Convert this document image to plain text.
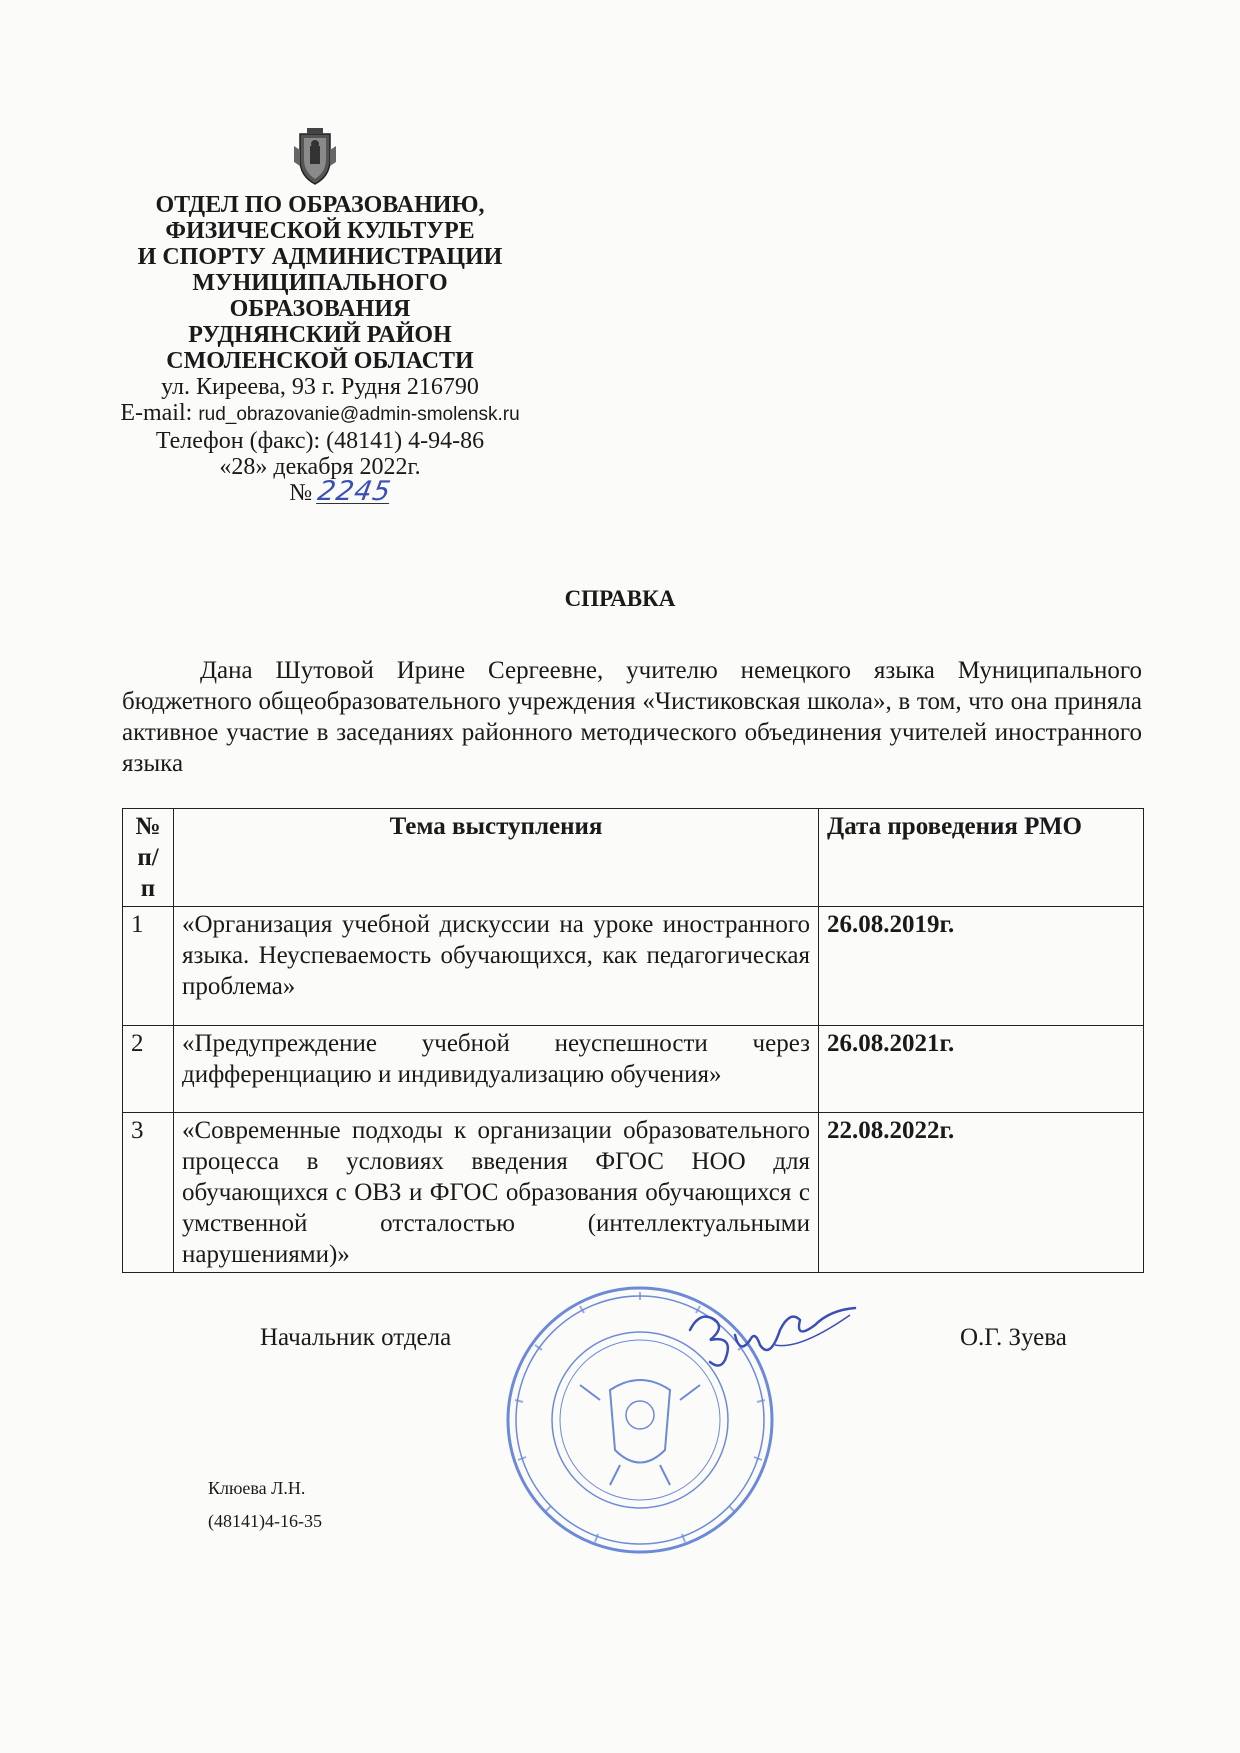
ОТДЕЛ ПО ОБРАЗОВАНИЮ,
ФИЗИЧЕСКОЙ КУЛЬТУРЕ
И СПОРТУ АДМИНИСТРАЦИИ
МУНИЦИПАЛЬНОГО
ОБРАЗОВАНИЯ
РУДНЯНСКИЙ РАЙОН
СМОЛЕНСКОЙ ОБЛАСТИ
ул. Киреева, 93 г. Рудня 216790
E-mail: rud_obrazovanie@admin-smolensk.ru
Телефон (факс): (48141) 4-94-86
«28» декабря 2022г.
№ 2245
СПРАВКА
Дана Шутовой Ирине Сергеевне, учителю немецкого языка Муниципального бюджетного общеобразовательного учреждения «Чистиковская школа», в том, что она приняла активное участие в заседаниях районного методического объединения учителей иностранного языка
№ п/п	Тема выступления	Дата проведения РМО
1	«Организация учебной дискуссии на уроке иностранного языка. Неуспеваемость обучающихся, как педагогическая проблема»	26.08.2019г.
2	«Предупреждение учебной неуспешности через дифференциацию и индивидуализацию обучения»	26.08.2021г.
3	«Современные подходы к организации образовательного процесса в условиях введения ФГОС НОО для обучающихся с ОВЗ и ФГОС образования обучающихся с умственной отсталостью (интеллектуальными нарушениями)»	22.08.2022г.
Начальник отдела	О.Г. Зуева
Клюева Л.Н.
(48141)4-16-35
